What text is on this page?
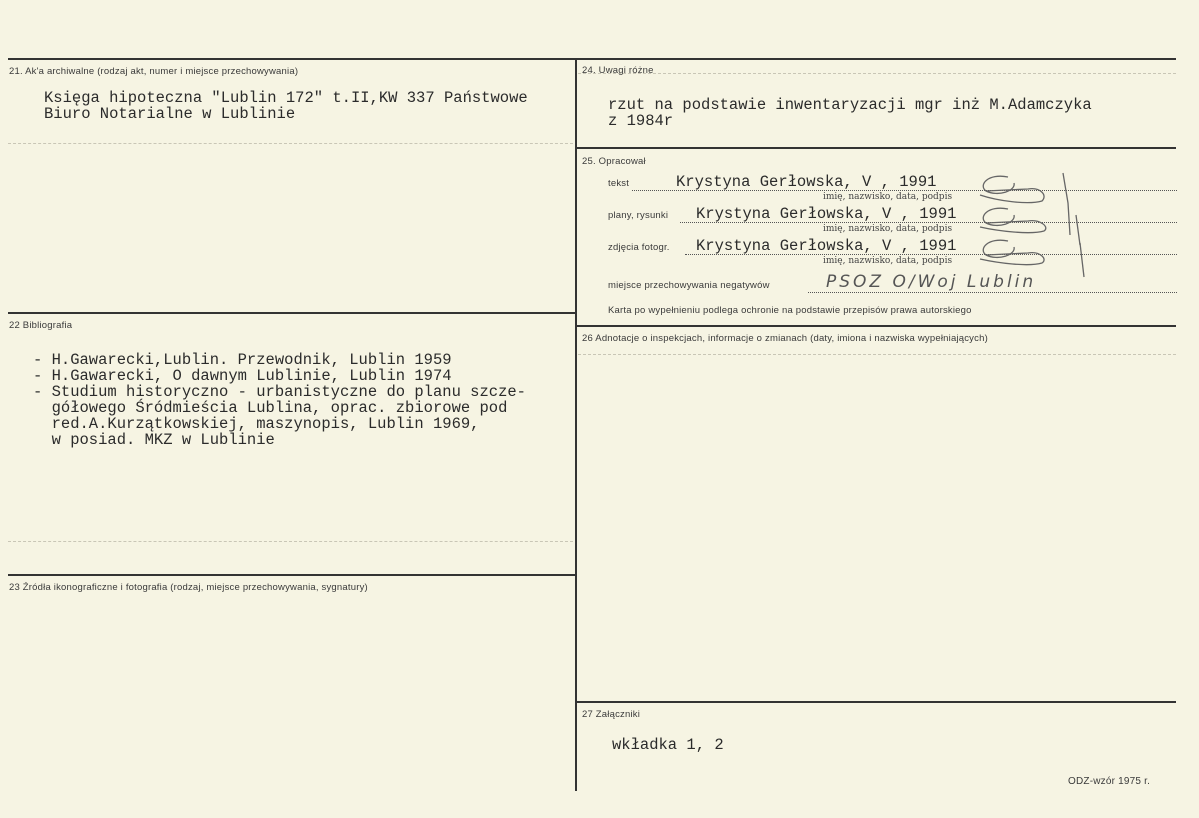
21. Ak'a archiwalne (rodzaj akt, numer i miejsce przechowywania)
Księga hipoteczna "Lublin 172" t.II,KW 337 Państwowe
Biuro Notarialne w Lublinie
22 Bibliografia
- H.Gawarecki,Lublin. Przewodnik, Lublin 1959
- H.Gawarecki, O dawnym Lublinie, Lublin 1974
- Studium historyczno - urbanistyczne do planu szcze-
gółowego Śródmieścia Lublina, oprac. zbiorowe pod
red.A.Kurzątkowskiej, maszynopis, Lublin 1969,
w posiad. MKZ w Lublinie
23 Źródła ikonograficzne i fotografia (rodzaj, miejsce przechowywania, sygnatury)
24. Uwagi różne
rzut na podstawie inwentaryzacji mgr inż M.Adamczyka
z 1984r
25. Opracował
tekst	Krystyna Gerłowska, V , 1991
imię, nazwisko, data, podpis
plany, rysunki Krystyna Gerłowska, V , 1991
imię, nazwisko, data, podpis
zdjęcia fotogr. Krystyna Gerłowska, V , 1991
imię, nazwisko, data, podpis
miejsce przechowywania negatywów	PSOZ O/Woj Lublin
Karta po wypełnieniu podlega ochronie na podstawie przepisów prawa autorskiego
26 Adnotacje o inspekcjach, informacje o zmianach (daty, imiona i nazwiska wypełniających)
27 Załączniki
wkładka 1, 2
ODZ-wzór 1975 r.
